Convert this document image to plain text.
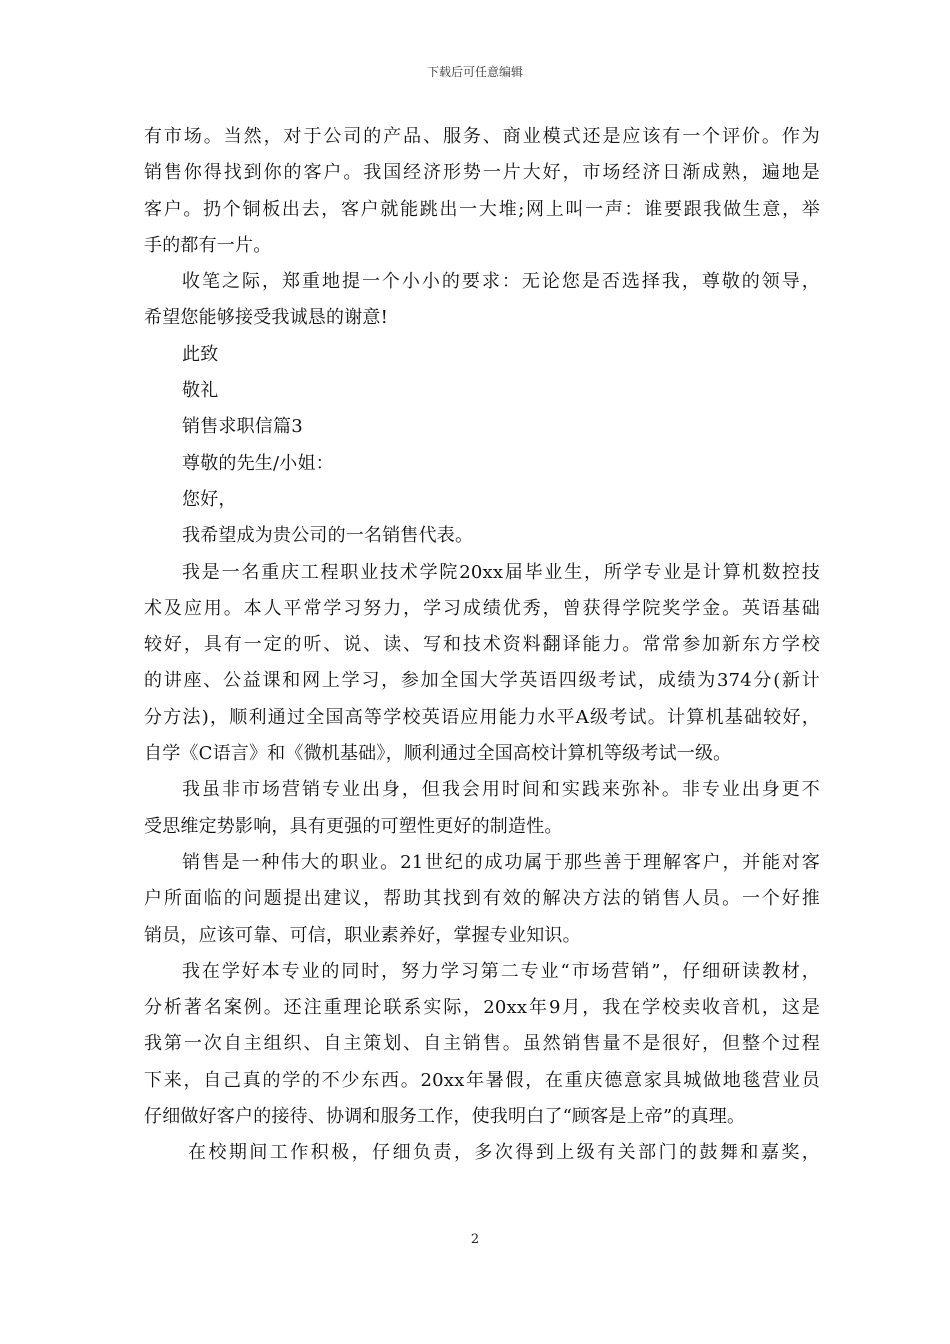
下载后可任意编辑
有市场。当然，对于公司的产品、服务、商业模式还是应该有一个评价。作为
销售你得找到你的客户。我国经济形势一片大好，市场经济日渐成熟，遍地是
客户。扔个铜板出去，客户就能跳出一大堆;网上叫一声：谁要跟我做生意，举
手的都有一片。
收笔之际，郑重地提一个小小的要求：无论您是否选择我，尊敬的领导，
希望您能够接受我诚恳的谢意!
此致
敬礼
销售求职信篇3
尊敬的先生/小姐：
您好，
我希望成为贵公司的一名销售代表。
我是一名重庆工程职业技术学院20xx届毕业生，所学专业是计算机数控技
术及应用。本人平常学习努力，学习成绩优秀，曾获得学院奖学金。英语基础
较好，具有一定的听、说、读、写和技术资料翻译能力。常常参加新东方学校
的讲座、公益课和网上学习，参加全国大学英语四级考试，成绩为374分(新计
分方法)，顺利通过全国高等学校英语应用能力水平A级考试。计算机基础较好，
自学《C语言》和《微机基础》，顺利通过全国高校计算机等级考试一级。
我虽非市场营销专业出身，但我会用时间和实践来弥补。非专业出身更不
受思维定势影响，具有更强的可塑性更好的制造性。
销售是一种伟大的职业。21世纪的成功属于那些善于理解客户，并能对客
户所面临的问题提出建议，帮助其找到有效的解决方法的销售人员。一个好推
销员，应该可靠、可信，职业素养好，掌握专业知识。
我在学好本专业的同时，努力学习第二专业“市场营销”，仔细研读教材，
分析著名案例。还注重理论联系实际，20xx年9月，我在学校卖收音机，这是
我第一次自主组织、自主策划、自主销售。虽然销售量不是很好，但整个过程
下来，自己真的学的不少东西。20xx年暑假，在重庆德意家具城做地毯营业员
仔细做好客户的接待、协调和服务工作，使我明白了“顾客是上帝”的真理。
在校期间工作积极，仔细负责，多次得到上级有关部门的鼓舞和嘉奖，
2
